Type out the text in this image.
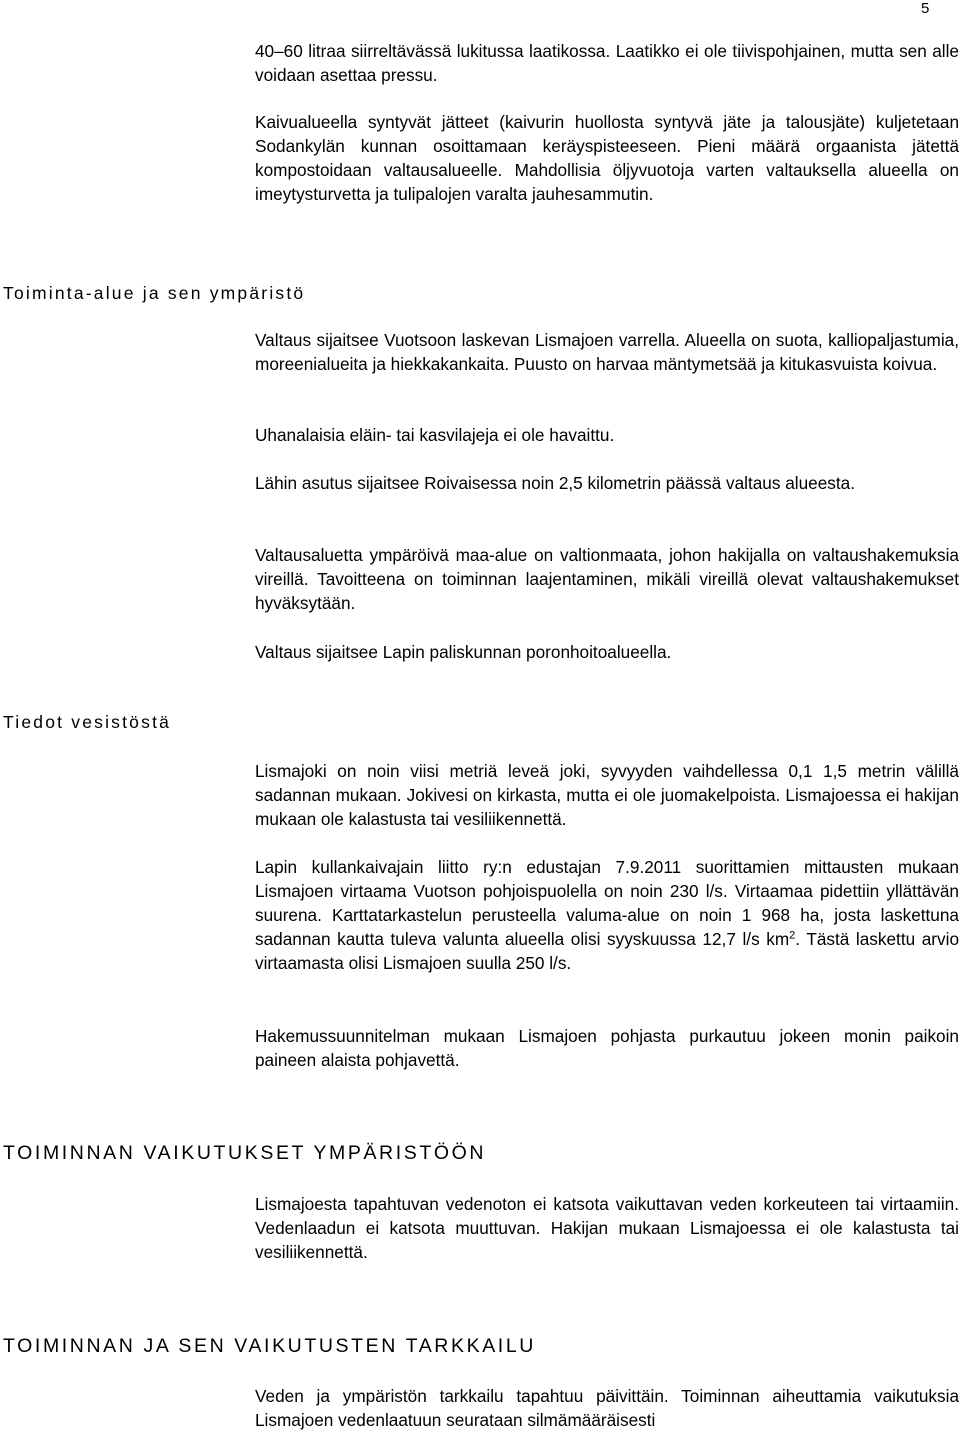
5

40–60 litraa siirreltävässä lukitussa laatikossa. Laatikko ei ole tiivispohjainen, mutta sen alle voidaan asettaa pressu.

Kaivualueella syntyvät jätteet (kaivurin huollosta syntyvä jäte ja talousjäte) kuljetetaan Sodankylän kunnan osoittamaan keräyspisteeseen. Pieni määrä orgaanista jätettä kompostoidaan valtausalueelle. Mahdollisia öljyvuotoja varten valtauksella alueella on imeytysturvetta ja tulipalojen varalta jauhesammutin.

Toiminta-alue ja sen ympäristö

Valtaus sijaitsee Vuotsoon laskevan Lismajoen varrella. Alueella on suota, kalliopaljastumia, moreenialueita ja hiekkakankaita. Puusto on harvaa mäntymetsää ja kitukasvuista koivua.

Uhanalaisia eläin- tai kasvilajeja ei ole havaittu.

Lähin asutus sijaitsee Roivaisessa noin 2,5 kilometrin päässä valtaus alueesta.

Valtausaluetta ympäröivä maa-alue on valtionmaata, johon hakijalla on valtaushakemuksia vireillä. Tavoitteena on toiminnan laajentaminen, mikäli vireillä olevat valtaushakemukset hyväksytään.

Valtaus sijaitsee Lapin paliskunnan poronhoitoalueella.

Tiedot vesistöstä

Lismajoki on noin viisi metriä leveä joki, syvyyden vaihdellessa 0,1 1,5 metrin välillä sadannan mukaan. Jokivesi on kirkasta, mutta ei ole juomakelpoista. Lismajoessa ei hakijan mukaan ole kalastusta tai vesiliikennettä.

Lapin kullankaivajain liitto ry:n edustajan 7.9.2011 suorittamien mittausten mukaan Lismajoen virtaama Vuotson pohjoispuolella on noin 230 l/s. Virtaamaa pidettiin yllättävän suurena. Karttatarkastelun perusteella valuma-alue on noin 1 968 ha, josta laskettuna sadannan kautta tuleva valunta alueella olisi syyskuussa 12,7 l/s $km^2$. Tästä laskettu arvio virtaamasta olisi Lismajoen suulla 250 l/s.

Hakemussuunnitelman mukaan Lismajoen pohjasta purkautuu jokeen monin paikoin paineen alaista pohjavettä.

TOIMINNAN VAIKUTUKSET YMPÄRISTÖÖN

Lismajoesta tapahtuvan vedenoton ei katsota vaikuttavan veden korkeuteen tai virtaamiin. Vedenlaadun ei katsota muuttuvan. Hakijan mukaan Lismajoessa ei ole kalastusta tai vesiliikennettä.

TOIMINNAN JA SEN VAIKUTUSTEN TARKKAILU

Veden ja ympäristön tarkkailu tapahtuu päivittäin. Toiminnan aiheuttamia vaikutuksia Lismajoen vedenlaatuun seurataan silmämääräisesti
